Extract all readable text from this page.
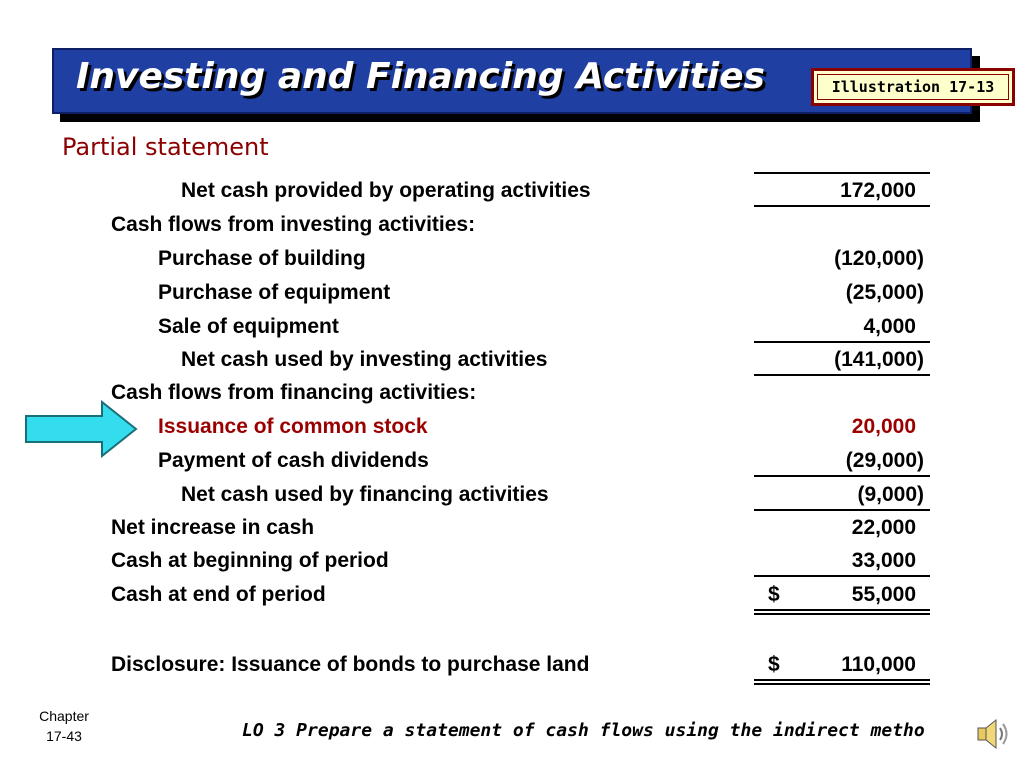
Investing and Financing Activities	Illustration 17-13

Partial statement

Net cash provided by operating activities	172,000
Cash flows from investing activities:
Purchase of building	(120,000)
Purchase of equipment	(25,000)
Sale of equipment	4,000
Net cash used by investing activities	(141,000)
Cash flows from financing activities:
Issuance of common stock	20,000
Payment of cash dividends	(29,000)
Net cash used by financing activities	(9,000)
Net increase in cash	22,000
Cash at beginning of period	33,000
Cash at end of period	$	55,000
Disclosure: Issuance of bonds to purchase land	$	110,000
Chapter
17-43	LO 3 Prepare a statement of cash flows using the indirect metho
